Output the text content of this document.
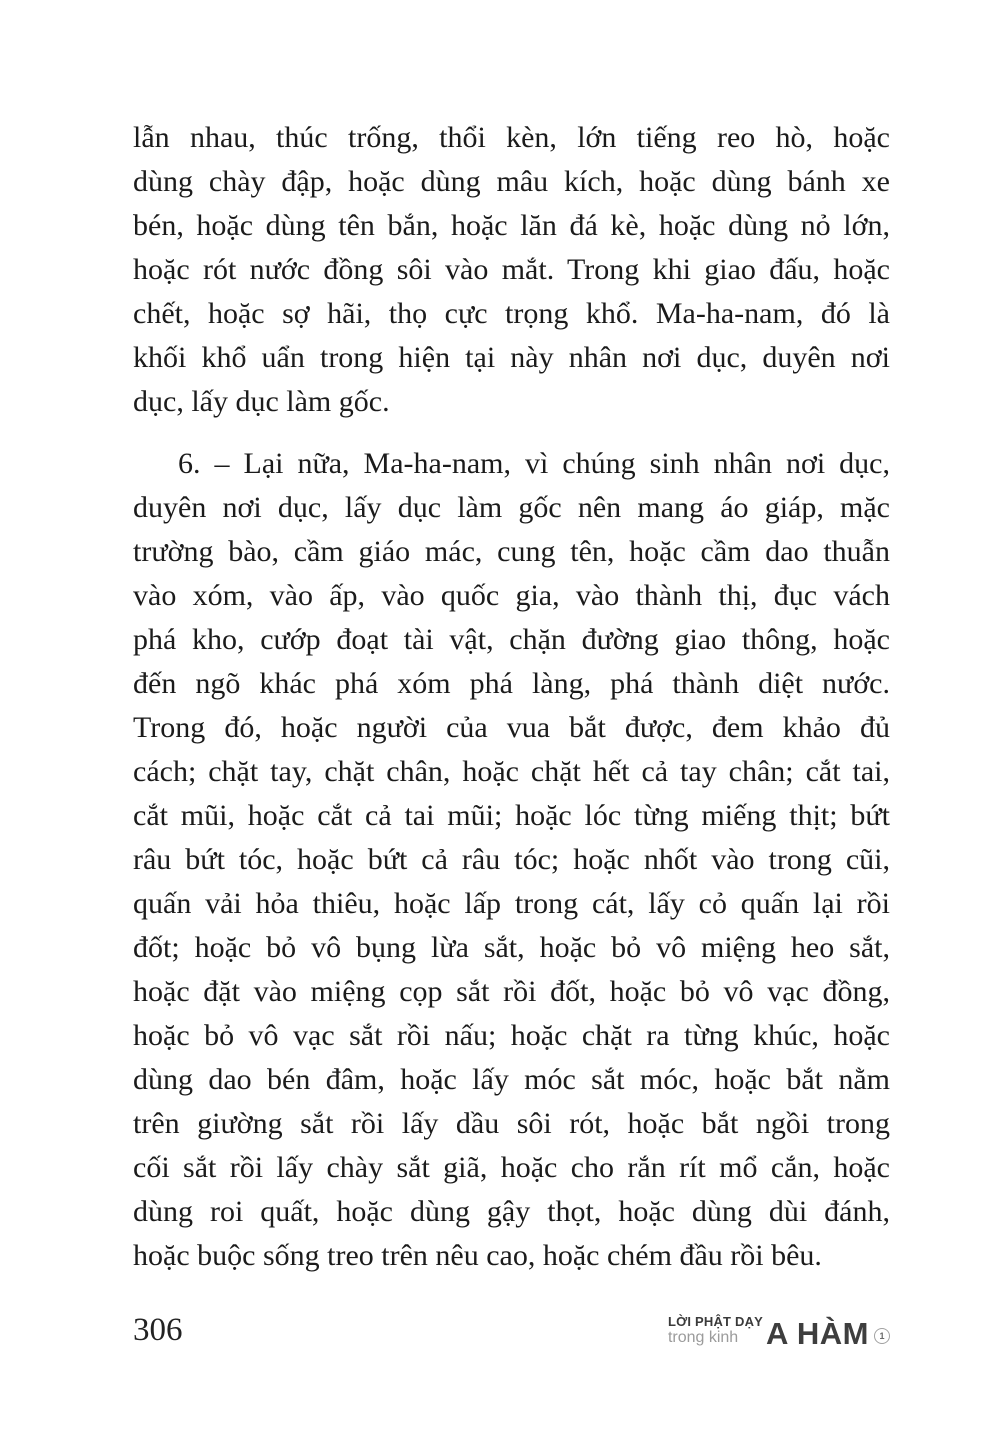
lẫn nhau, thúc trống, thổi kèn, lớn tiếng reo hò, hoặc
dùng chày đập, hoặc dùng mâu kích, hoặc dùng bánh xe
bén, hoặc dùng tên bắn, hoặc lăn đá kè, hoặc dùng nỏ lớn,
hoặc rót nước đồng sôi vào mắt. Trong khi giao đấu, hoặc
chết, hoặc sợ hãi, thọ cực trọng khổ. Ma-ha-nam, đó là
khối khổ uẩn trong hiện tại này nhân nơi dục, duyên nơi
dục, lấy dục làm gốc.
6. – Lại nữa, Ma-ha-nam, vì chúng sinh nhân nơi dục,
duyên nơi dục, lấy dục làm gốc nên mang áo giáp, mặc
trường bào, cầm giáo mác, cung tên, hoặc cầm dao thuẫn
vào xóm, vào ấp, vào quốc gia, vào thành thị, đục vách
phá kho, cướp đoạt tài vật, chặn đường giao thông, hoặc
đến ngõ khác phá xóm phá làng, phá thành diệt nước.
Trong đó, hoặc người của vua bắt được, đem khảo đủ
cách; chặt tay, chặt chân, hoặc chặt hết cả tay chân; cắt tai,
cắt mũi, hoặc cắt cả tai mũi; hoặc lóc từng miếng thịt; bứt
râu bứt tóc, hoặc bứt cả râu tóc; hoặc nhốt vào trong cũi,
quấn vải hỏa thiêu, hoặc lấp trong cát, lấy cỏ quấn lại rồi
đốt; hoặc bỏ vô bụng lừa sắt, hoặc bỏ vô miệng heo sắt,
hoặc đặt vào miệng cọp sắt rồi đốt, hoặc bỏ vô vạc đồng,
hoặc bỏ vô vạc sắt rồi nấu; hoặc chặt ra từng khúc, hoặc
dùng dao bén đâm, hoặc lấy móc sắt móc, hoặc bắt nằm
trên giường sắt rồi lấy dầu sôi rót, hoặc bắt ngồi trong
cối sắt rồi lấy chày sắt giã, hoặc cho rắn rít mổ cắn, hoặc
dùng roi quất, hoặc dùng gậy thọt, hoặc dùng dùi đánh,
hoặc buộc sống treo trên nêu cao, hoặc chém đầu rồi bêu.
306	LỜI PHẬT DẠY
trong kinh A HÀM	1
